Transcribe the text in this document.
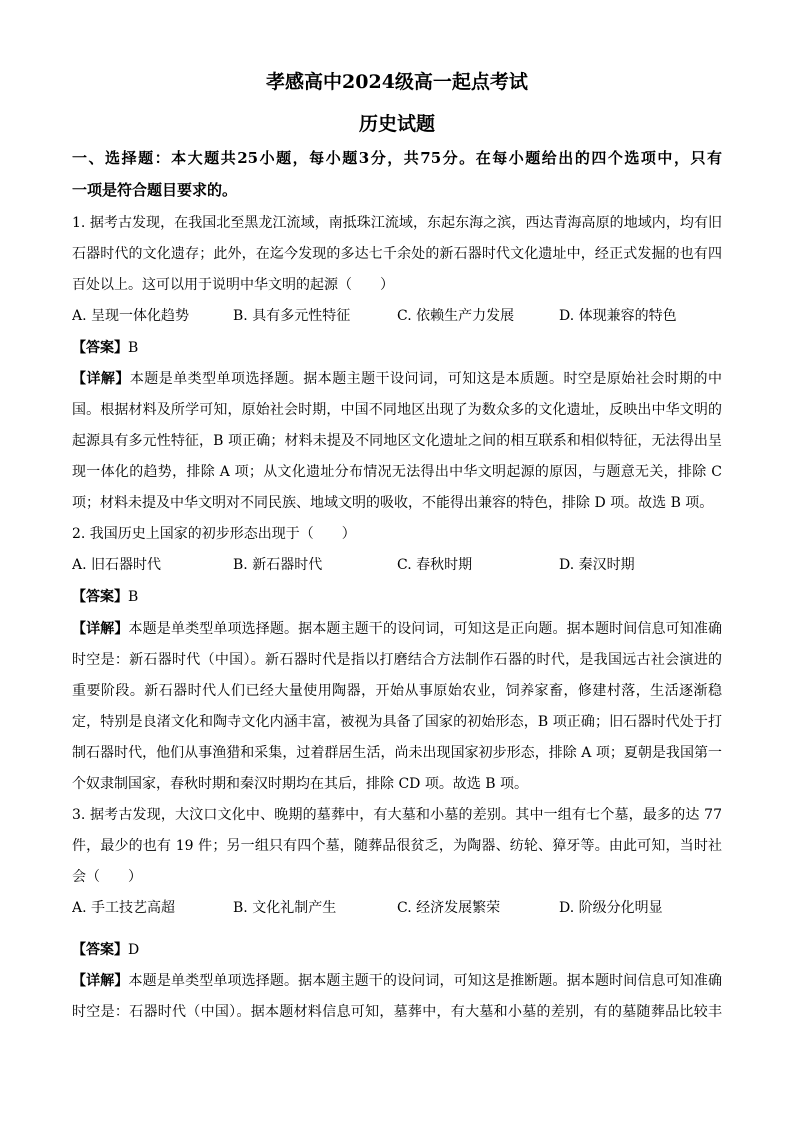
孝感高中2024级高一起点考试
历史试题
一、选择题：本大题共25小题，每小题3分，共75分。在每小题给出的四个选项中，只有
一项是符合题目要求的。
1. 据考古发现，在我国北至黑龙江流域，南抵珠江流域，东起东海之滨，西达青海高原的地域内，均有旧
石器时代的文化遗存；此外，在迄今发现的多达七千余处的新石器时代文化遗址中，经正式发掘的也有四
百处以上。这可以用于说明中华文明的起源（　　）
A. 呈现一体化趋势	B. 具有多元性特征	C. 依赖生产力发展	D. 体现兼容的特色
【答案】B
【详解】本题是单类型单项选择题。据本题主题干设问词，可知这是本质题。时空是原始社会时期的中
国。根据材料及所学可知，原始社会时期，中国不同地区出现了为数众多的文化遗址，反映出中华文明的
起源具有多元性特征，B 项正确；材料未提及不同地区文化遗址之间的相互联系和相似特征，无法得出呈
现一体化的趋势，排除 A 项；从文化遗址分布情况无法得出中华文明起源的原因，与题意无关，排除 C
项；材料未提及中华文明对不同民族、地域文明的吸收，不能得出兼容的特色，排除 D 项。故选 B 项。
2. 我国历史上国家的初步形态出现于（　　）
A. 旧石器时代	B. 新石器时代	C. 春秋时期	D. 秦汉时期
【答案】B
【详解】本题是单类型单项选择题。据本题主题干的设问词，可知这是正向题。据本题时间信息可知准确
时空是：新石器时代（中国）。新石器时代是指以打磨结合方法制作石器的时代，是我国远古社会演进的
重要阶段。新石器时代人们已经大量使用陶器，开始从事原始农业，饲养家畜，修建村落，生活逐渐稳
定，特别是良渚文化和陶寺文化内涵丰富，被视为具备了国家的初始形态，B 项正确；旧石器时代处于打
制石器时代，他们从事渔猎和采集，过着群居生活，尚未出现国家初步形态，排除 A 项；夏朝是我国第一
个奴隶制国家，春秋时期和秦汉时期均在其后，排除 CD 项。故选 B 项。
3. 据考古发现，大汶口文化中、晚期的墓葬中，有大墓和小墓的差别。其中一组有七个墓，最多的达 77
件，最少的也有 19 件；另一组只有四个墓，随葬品很贫乏，为陶器、纺轮、獐牙等。由此可知，当时社
会（　　）
A. 手工技艺高超	B. 文化礼制产生	C. 经济发展繁荣	D. 阶级分化明显
【答案】D
【详解】本题是单类型单项选择题。据本题主题干的设问词，可知这是推断题。据本题时间信息可知准确
时空是：石器时代（中国）。据本题材料信息可知，墓葬中，有大墓和小墓的差别，有的墓随葬品比较丰
